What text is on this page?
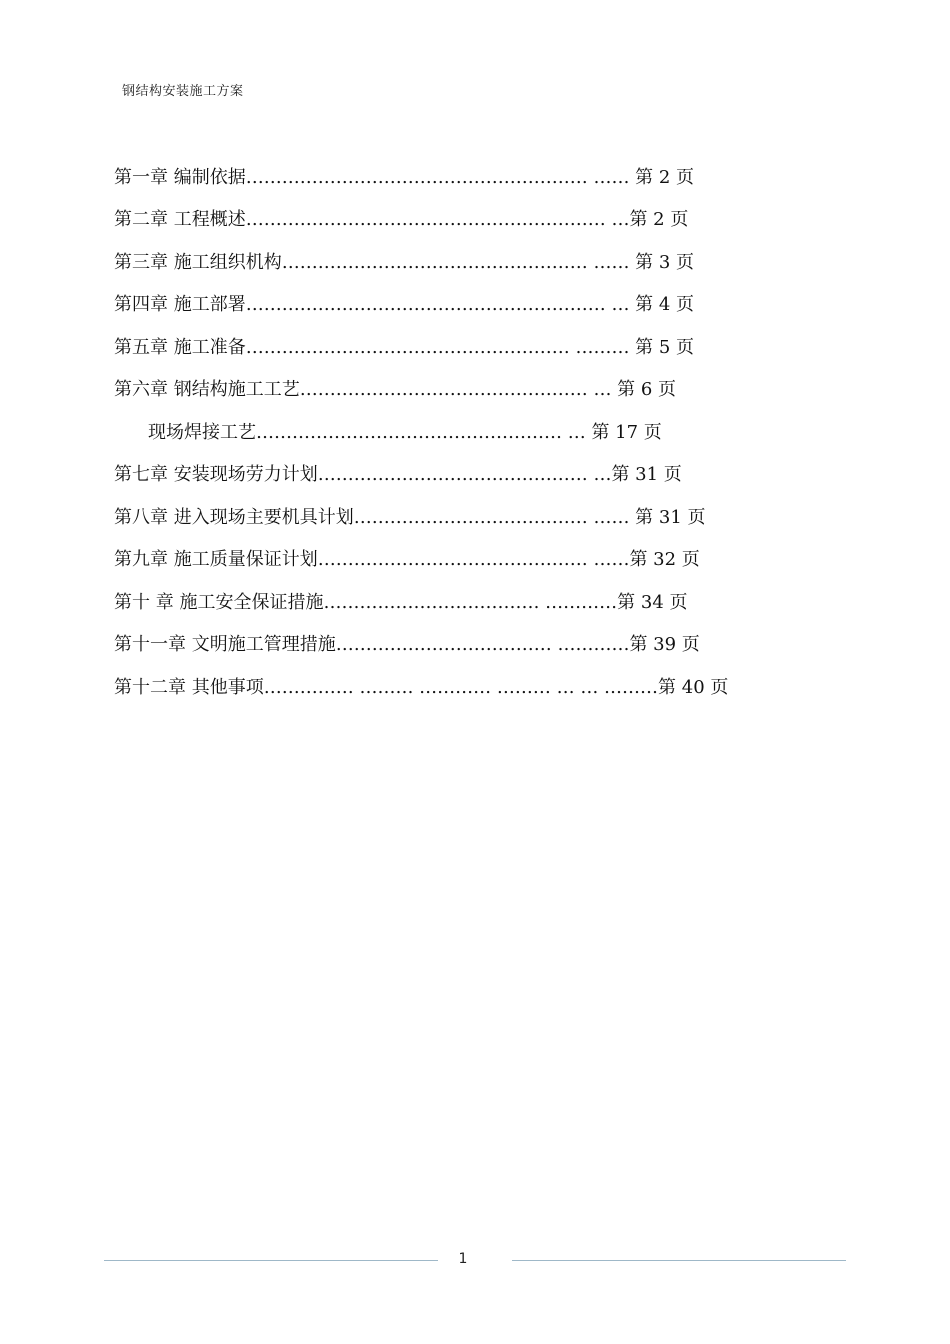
钢结构安装施工方案
第一章 编制依据………………………………………………… …… 第 2 页
第二章 工程概述…………………………………………………… …第 2 页
第三章 施工组织机构…………………………………………… …… 第 3 页
第四章 施工部署…………………………………………………… … 第 4 页
第五章 施工准备……………………………………………… ……… 第 5 页
第六章 钢结构施工工艺………………………………………… … 第 6 页
现场焊接工艺…………………………………………… … 第 17 页
第七章 安装现场劳力计划……………………………………… …第 31 页
第八章 进入现场主要机具计划………………………………… …… 第 31 页
第九章 施工质量保证计划……………………………………… ……第 32 页
第十 章 施工安全保证措施……………………………… …………第 34 页
第十一章 文明施工管理措施……………………………… …………第 39 页
第十二章 其他事项…………… ……… ………… ……… … … ………第 40 页
1
